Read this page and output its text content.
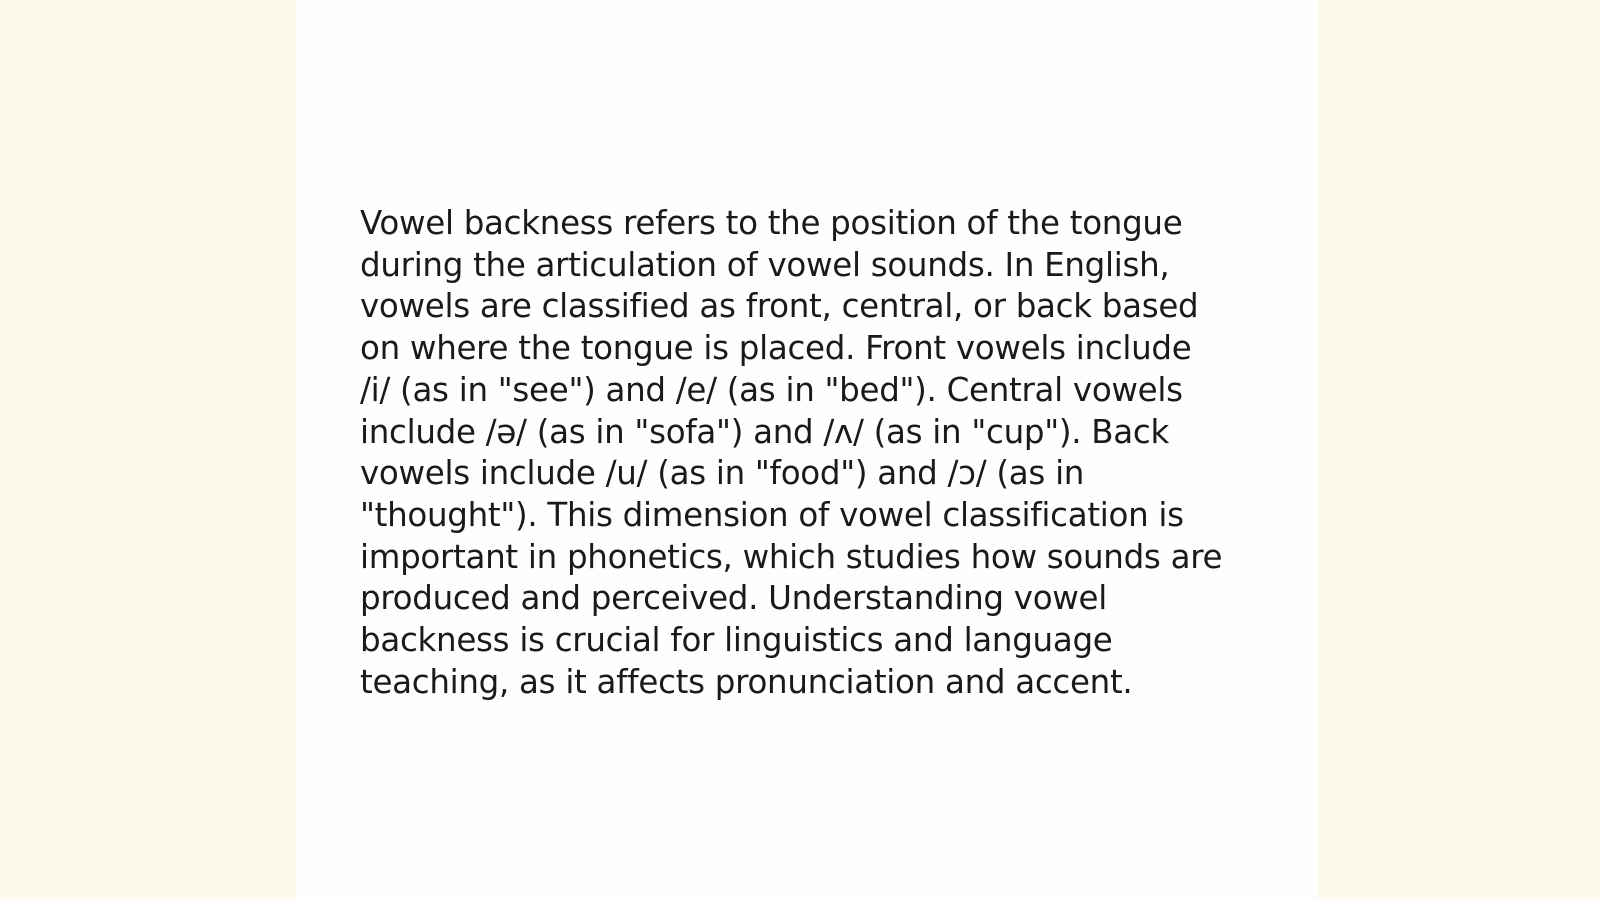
Vowel backness refers to the position of the tongue
during the articulation of vowel sounds. In English,
vowels are classified as front, central, or back based
on where the tongue is placed. Front vowels include
/i/ (as in "see") and /e/ (as in "bed"). Central vowels
include /ə/ (as in "sofa") and /ʌ/ (as in "cup"). Back
vowels include /u/ (as in "food") and /ɔ/ (as in
"thought"). This dimension of vowel classification is
important in phonetics, which studies how sounds are
produced and perceived. Understanding vowel
backness is crucial for linguistics and language
teaching, as it affects pronunciation and accent.
